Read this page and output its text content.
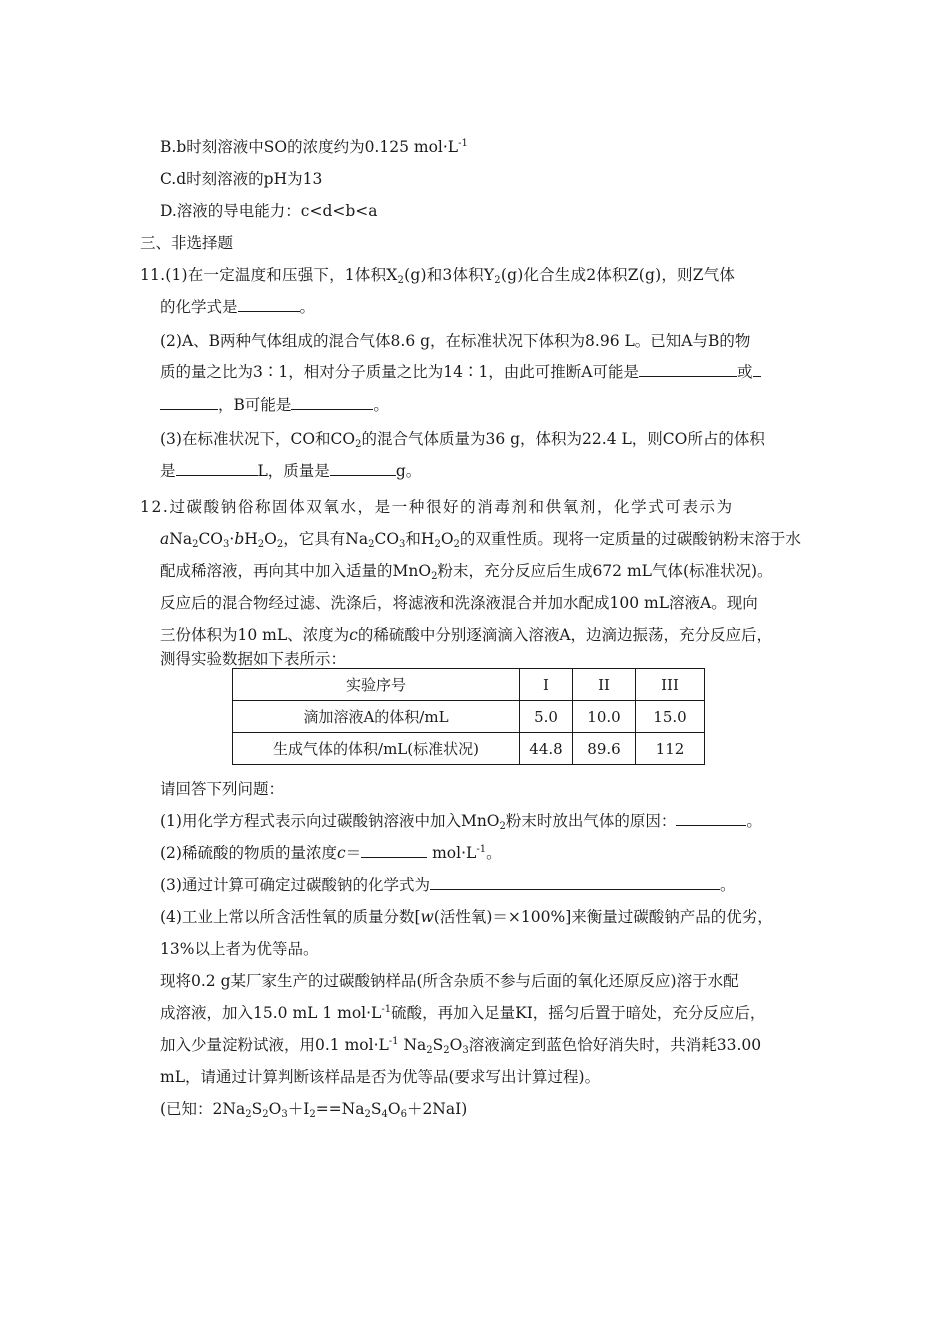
B.b时刻溶液中SO的浓度约为0.125 $mol\cdot L^{-1}$
C.d时刻溶液的pH为13
D.溶液的导电能力：c<d<b<a
三、非选择题
11.(1)在一定温度和压强下，1体积$X_2(g)$和3体积$Y_2(g)$化合生成2体积Z(g)，则Z气体
的化学式是	。
(2)A、B两种气体组成的混合气体8.6 g，在标准状况下体积为8.96 L。已知A与B的物
质的量之比为3∶1，相对分子质量之比为14∶1，由此可推断A可能是	或
，B可能是	。
(3)在标准状况下，CO和$CO_2$的混合气体质量为36 g，体积为22.4 L，则CO所占的体积
是	L，质量是	g。
12.过碳酸钠俗称固体双氧水，是一种很好的消毒剂和供氧剂，化学式可表示为
$aNa_2CO_3\cdot bH_2O_2$，它具有$Na_2CO_3$和$H_2O_2$的双重性质。现将一定质量的过碳酸钠粉末溶于水
配成稀溶液，再向其中加入适量的MnO$_2$粉末，充分反应后生成672 mL气体(标准状况)。
反应后的混合物经过滤、洗涤后，将滤液和洗涤液混合并加水配成100 mL溶液A。现向
三份体积为10 mL、浓度为c的稀硫酸中分别逐滴滴入溶液A，边滴边振荡，充分反应后，
测得实验数据如下表所示：
实验序号	I	II	III
滴加溶液A的体积/mL	5.0	10.0	15.0
生成气体的体积/mL(标准状况)	44.8	89.6	112
请回答下列问题：
(1)用化学方程式表示向过碳酸钠溶液中加入MnO$_2$粉末时放出气体的原因：	。
(2)稀硫酸的物质的量浓度c＝	$mol\cdot L^{-1}$。
(3)通过计算可确定过碳酸钠的化学式为	。
(4)工业上常以所含活性氧的质量分数[w(活性氧)＝×100%]来衡量过碳酸钠产品的优劣，
13%以上者为优等品。
现将0.2 g某厂家生产的过碳酸钠样品(所含杂质不参与后面的氧化还原反应)溶于水配
成溶液，加入15.0 mL 1 $mol\cdot L^{-1}$硫酸，再加入足量KI，摇匀后置于暗处，充分反应后，
加入少量淀粉试液，用0.1 $mol\cdot L^{-1}$ $Na_2S_2O_3$溶液滴定到蓝色恰好消失时，共消耗33.00
mL，请通过计算判断该样品是否为优等品(要求写出计算过程)。
(已知：$2Na_2S_2O_3+I_2==Na_2S_4O_6+2NaI$)
